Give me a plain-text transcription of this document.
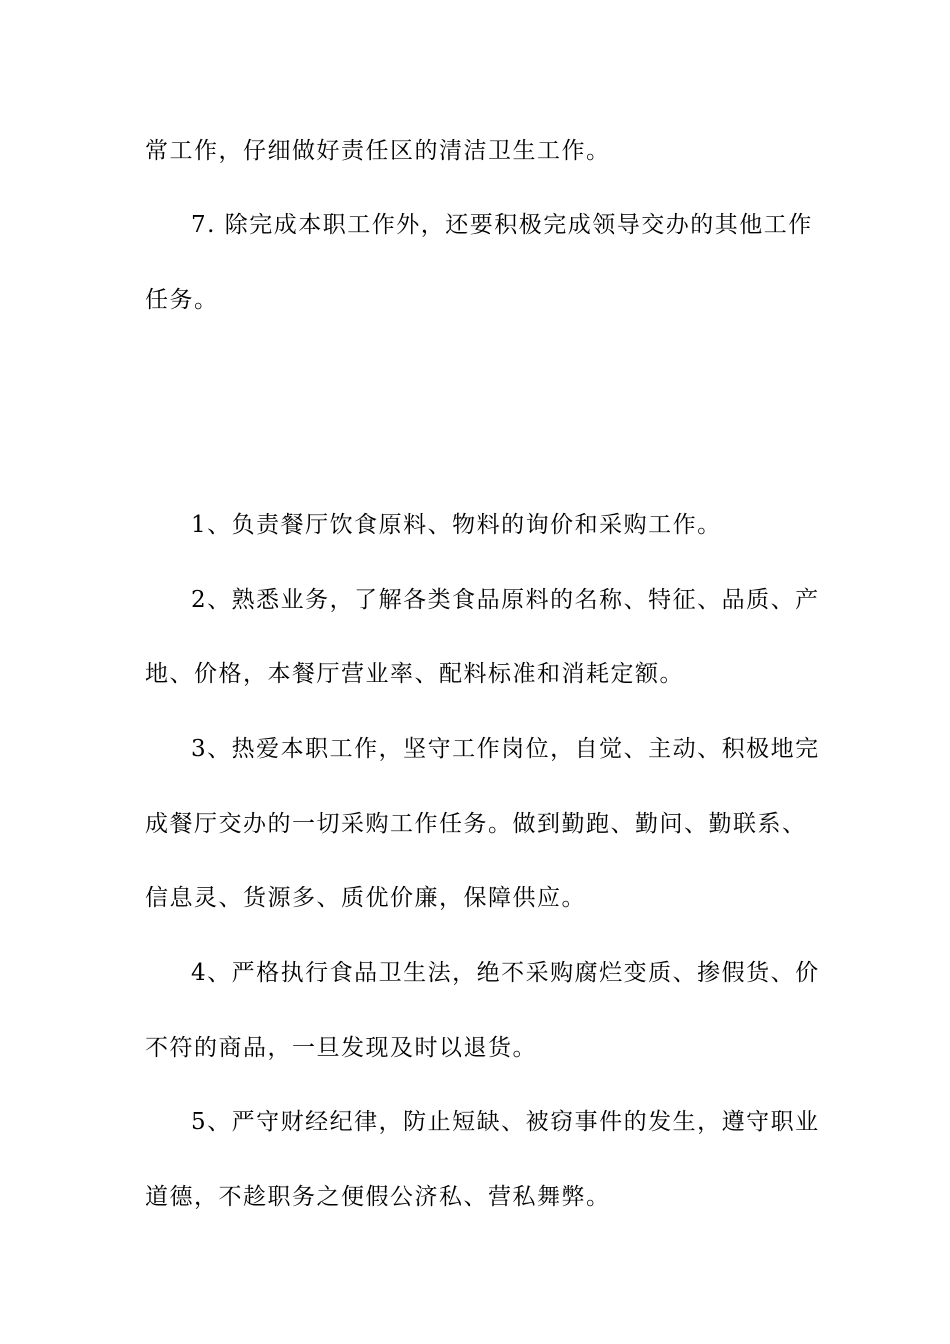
常工作，仔细做好责任区的清洁卫生工作。
7. 除完成本职工作外，还要积极完成领导交办的其他工作
任务。
1、负责餐厅饮食原料、物料的询价和采购工作。
2、熟悉业务，了解各类食品原料的名称、特征、品质、产
地、价格，本餐厅营业率、配料标准和消耗定额。
3、热爱本职工作，坚守工作岗位，自觉、主动、积极地完
成餐厅交办的一切采购工作任务。做到勤跑、勤问、勤联系、
信息灵、货源多、质优价廉，保障供应。
4、严格执行食品卫生法，绝不采购腐烂变质、掺假货、价
不符的商品，一旦发现及时以退货。
5、严守财经纪律，防止短缺、被窃事件的发生，遵守职业
道德，不趁职务之便假公济私、营私舞弊。
